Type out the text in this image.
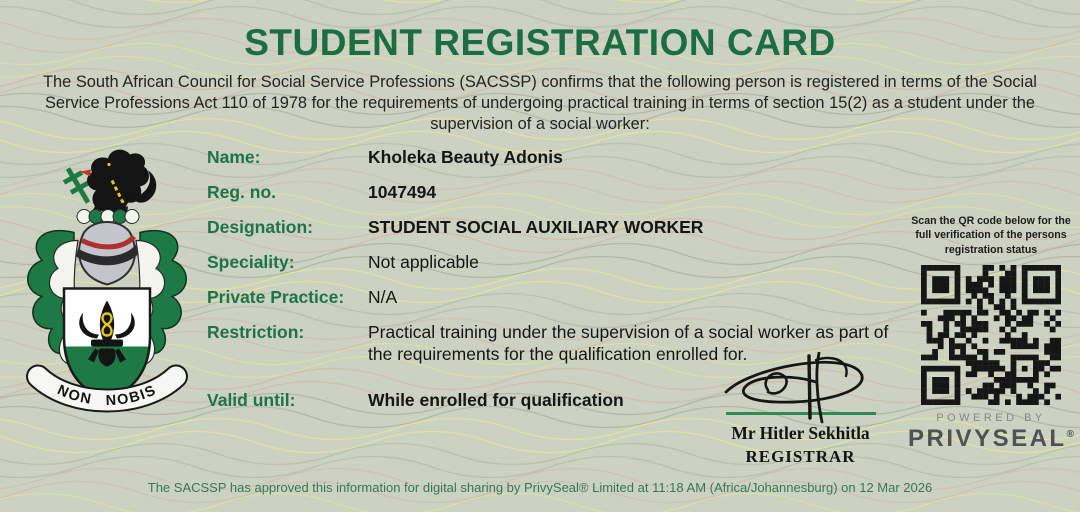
STUDENT REGISTRATION CARD
The South African Council for Social Service Professions (SACSSP) confirms that the following person is registered in terms of the Social Service Professions Act 110 of 1978 for the requirements of undergoing practical training in terms of section 15(2) as a student under the supervision of a social worker:
NON NOBIS
Name:	Kholeka Beauty Adonis
Reg. no.	1047494
Designation:	STUDENT SOCIAL AUXILIARY WORKER
Speciality:	Not applicable
Private Practice:	N/A
Restriction:	Practical training under the supervision of a social worker as part of the requirements for the qualification enrolled for.
Valid until:	While enrolled for qualification
Mr Hitler Sekhitla
REGISTRAR
Scan the QR code below for the full verification of the persons registration status
POWERED BY
PRIVYSEAL®
The SACSSP has approved this information for digital sharing by PrivySeal® Limited at 11:18 AM (Africa/Johannesburg) on 12 Mar 2026
